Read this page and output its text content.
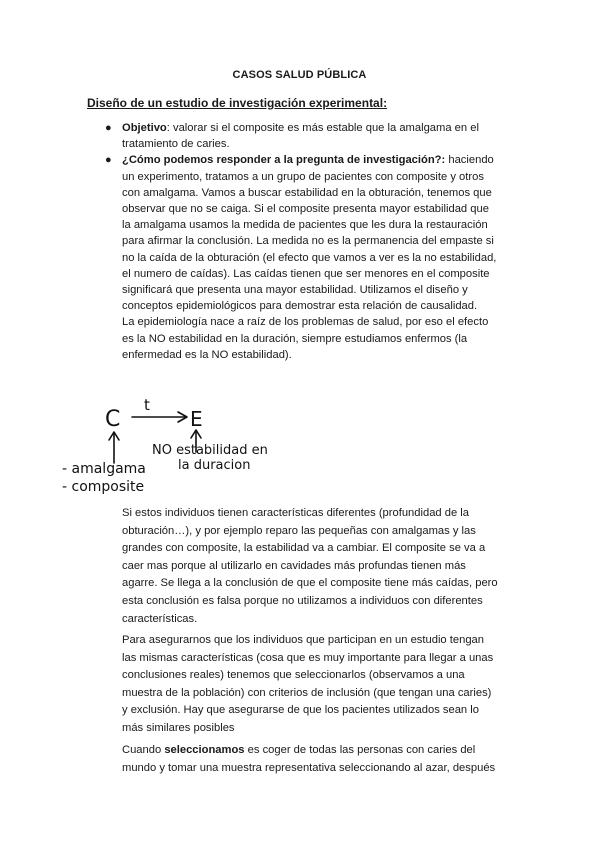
CASOS SALUD PÚBLICA
Diseño de un estudio de investigación experimental:
● Objetivo: valorar si el composite es más estable que la amalgama en el
tratamiento de caries.

● ¿Cómo podemos responder a la pregunta de investigación?: haciendo
un experimento, tratamos a un grupo de pacientes con composite y otros
con amalgama. Vamos a buscar estabilidad en la obturación, tenemos que
observar que no se caiga. Si el composite presenta mayor estabilidad que
la amalgama usamos la medida de pacientes que les dura la restauración
para afirmar la conclusión. La medida no es la permanencia del empaste si
no la caída de la obturación (el efecto que vamos a ver es la no estabilidad,
el numero de caídas). Las caídas tienen que ser menores en el composite
significará que presenta una mayor estabilidad. Utilizamos el diseño y
conceptos epidemiológicos para demostrar esta relación de causalidad.
La epidemiología nace a raíz de los problemas de salud, por eso el efecto
es la NO estabilidad en la duración, siempre estudiamos enfermos (la
enfermedad es la NO estabilidad).

C
t
E
NO estabilidad en
la duracion
- amalgama
- composite

Si estos individuos tienen características diferentes (profundidad de la
obturación…), y por ejemplo reparo las pequeñas con amalgamas y las
grandes con composite, la estabilidad va a cambiar. El composite se va a
caer mas porque al utilizarlo en cavidades más profundas tienen más
agarre. Se llega a la conclusión de que el composite tiene más caídas, pero
esta conclusión es falsa porque no utilizamos a individuos con diferentes
características.

Para asegurarnos que los individuos que participan en un estudio tengan
las mismas características (cosa que es muy importante para llegar a unas
conclusiones reales) tenemos que seleccionarlos (observamos a una
muestra de la población) con criterios de inclusión (que tengan una caries)
y exclusión. Hay que asegurarse de que los pacientes utilizados sean lo
más similares posibles

Cuando seleccionamos es coger de todas las personas con caries del
mundo y tomar una muestra representativa seleccionando al azar, después
